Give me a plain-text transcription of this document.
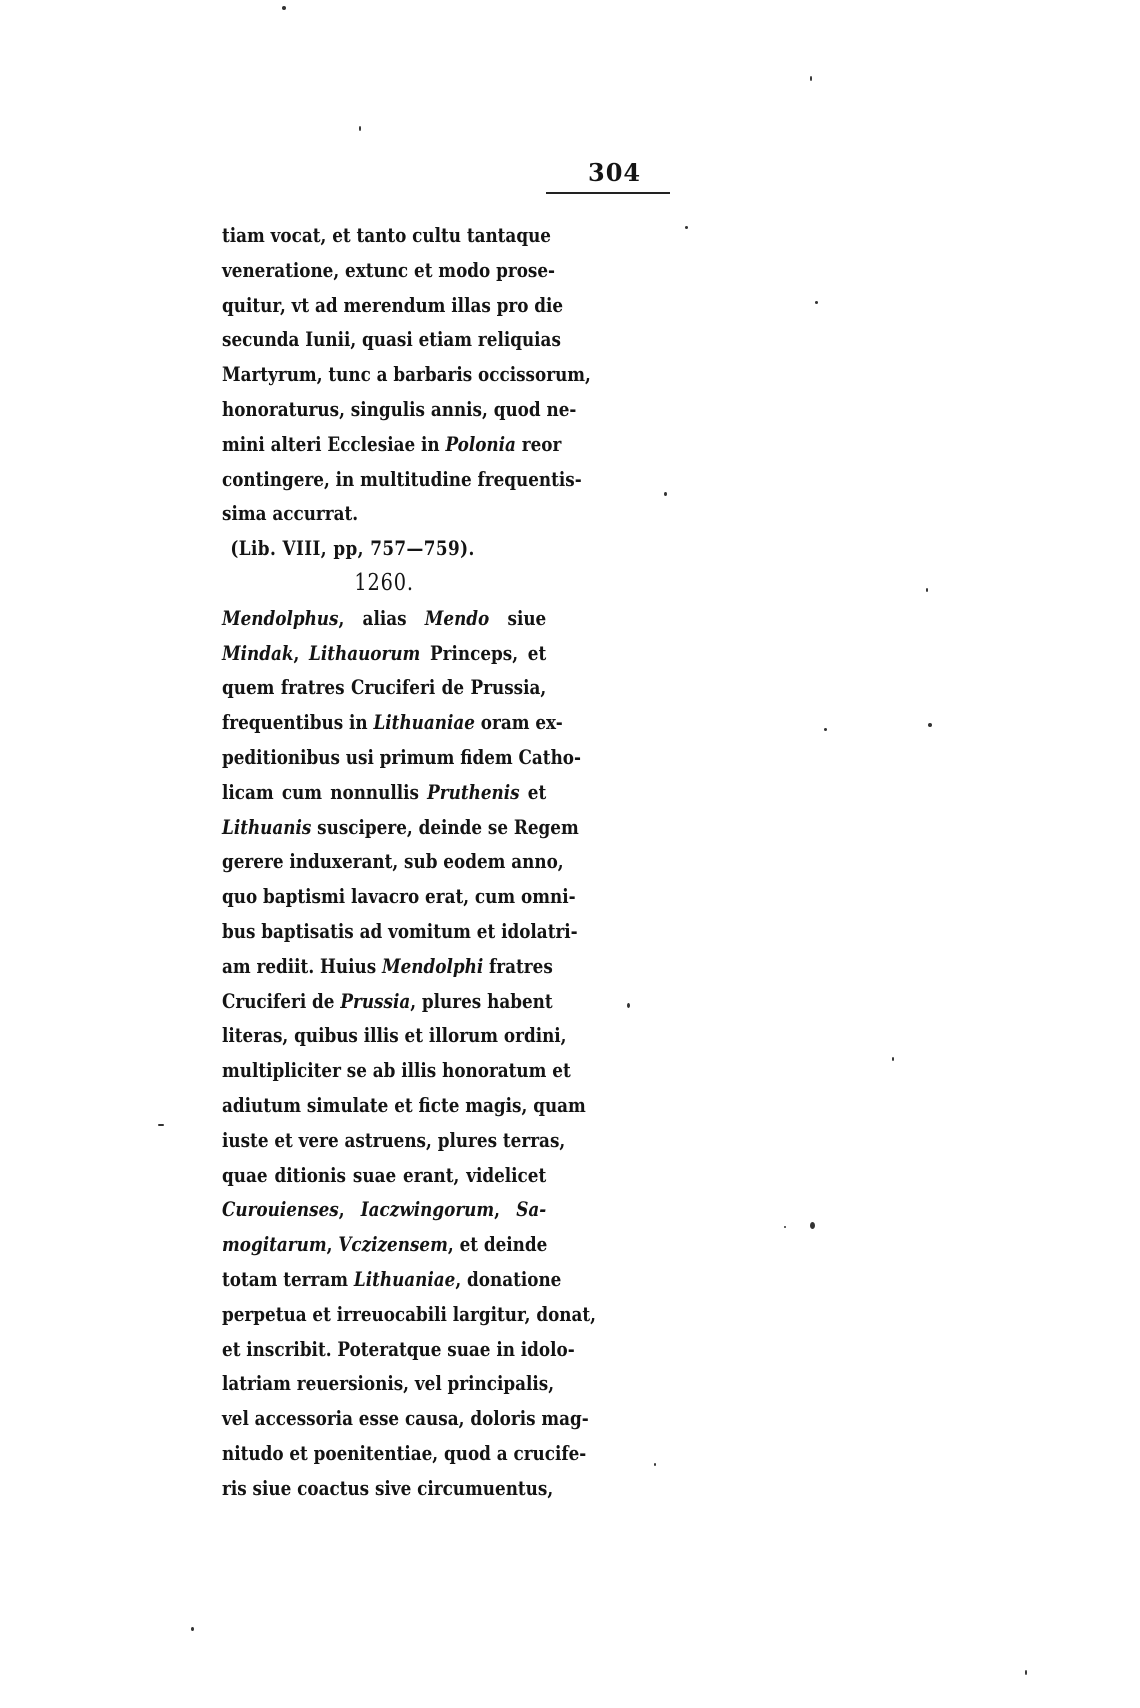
304
tiam vocat, et tanto cultu tantaque
veneratione, extunc et modo prose-
quitur, vt ad merendum illas pro die
secunda Iunii, quasi etiam reliquias
Martyrum, tunc a barbaris occissorum,
honoraturus, singulis annis, quod ne-
mini alteri Ecclesiae in Polonia reor
contingere, in multitudine frequentis-
sima accurrat.
(Lib. VIII, pp, 757—759).
1260.
Mendolphus, alias Mendo siue
Mindak, Lithauorum Princeps, et
quem fratres Cruciferi de Prussia,
frequentibus in Lithuaniae oram ex-
peditionibus usi primum fidem Catho-
licam cum nonnullis Pruthenis et
Lithuanis suscipere, deinde se Regem
gerere induxerant, sub eodem anno,
quo baptismi lavacro erat, cum omni-
bus baptisatis ad vomitum et idolatri-
am rediit. Huius Mendolphi fratres
Cruciferi de Prussia, plures habent
literas, quibus illis et illorum ordini,
multipliciter se ab illis honoratum et
adiutum simulate et ficte magis, quam
iuste et vere astruens, plures terras,
quae ditionis suae erant, videlicet
Curouienses, Iaczwingorum, Sa-
mogitarum, Vczizensem, et deinde
totam terram Lithuaniae, donatione
perpetua et irreuocabili largitur, donat,
et inscribit. Poteratque suae in idolo-
latriam reuersionis, vel principalis,
vel accessoria esse causa, doloris mag-
nitudo et poenitentiae, quod a crucife-
ris siue coactus sive circumuentus,
